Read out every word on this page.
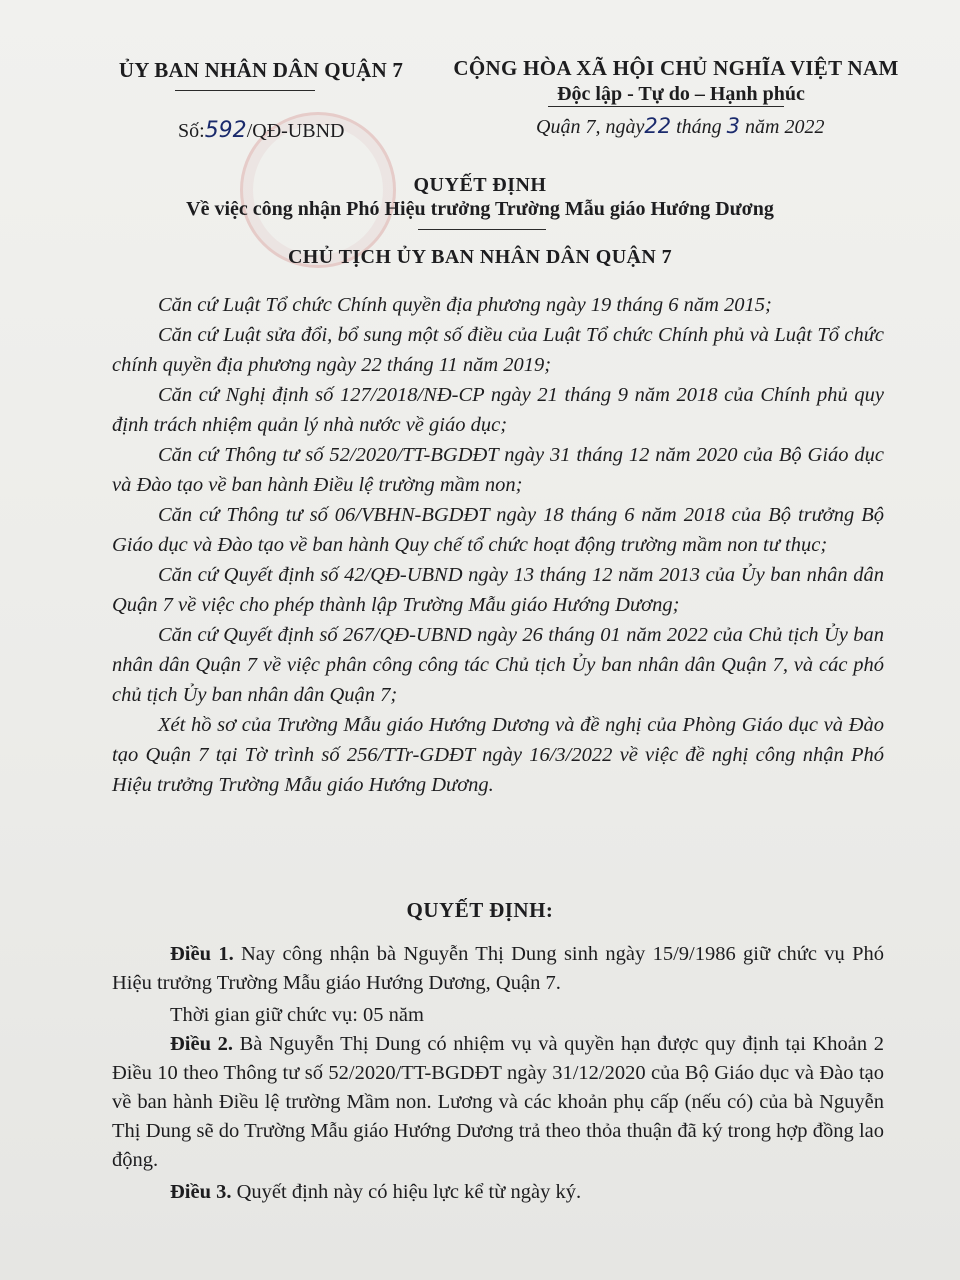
ỦY BAN NHÂN DÂN QUẬN 7	CỘNG HÒA XÃ HỘI CHỦ NGHĨA VIỆT NAM
Độc lập - Tự do – Hạnh phúc
Số:592/QĐ-UBND	Quận 7, ngày22 tháng 3 năm 2022
QUYẾT ĐỊNH
Về việc công nhận Phó Hiệu trưởng Trường Mẫu giáo Hướng Dương
CHỦ TỊCH ỦY BAN NHÂN DÂN QUẬN 7

Căn cứ Luật Tổ chức Chính quyền địa phương ngày 19 tháng 6 năm 2015;

Căn cứ Luật sửa đổi, bổ sung một số điều của Luật Tổ chức Chính phủ và Luật Tổ chức chính quyền địa phương ngày 22 tháng 11 năm 2019;

Căn cứ Nghị định số 127/2018/NĐ-CP ngày 21 tháng 9 năm 2018 của Chính phủ quy định trách nhiệm quản lý nhà nước về giáo dục;

Căn cứ Thông tư số 52/2020/TT-BGDĐT ngày 31 tháng 12 năm 2020 của Bộ Giáo dục và Đào tạo về ban hành Điều lệ trường mầm non;

Căn cứ Thông tư số 06/VBHN-BGDĐT ngày 18 tháng 6 năm 2018 của Bộ trưởng Bộ Giáo dục và Đào tạo về ban hành Quy chế tổ chức hoạt động trường mầm non tư thục;

Căn cứ Quyết định số 42/QĐ-UBND ngày 13 tháng 12 năm 2013 của Ủy ban nhân dân Quận 7 về việc cho phép thành lập Trường Mẫu giáo Hướng Dương;

Căn cứ Quyết định số 267/QĐ-UBND ngày 26 tháng 01 năm 2022 của Chủ tịch Ủy ban nhân dân Quận 7 về việc phân công công tác Chủ tịch Ủy ban nhân dân Quận 7, và các phó chủ tịch Ủy ban nhân dân Quận 7;

Xét hồ sơ của Trường Mẫu giáo Hướng Dương và đề nghị của Phòng Giáo dục và Đào tạo Quận 7 tại Tờ trình số 256/TTr-GDĐT ngày 16/3/2022 về việc đề nghị công nhận Phó Hiệu trưởng Trường Mẫu giáo Hướng Dương.

QUYẾT ĐỊNH:

Điều 1. Nay công nhận bà Nguyễn Thị Dung sinh ngày 15/9/1986 giữ chức vụ Phó Hiệu trưởng Trường Mẫu giáo Hướng Dương, Quận 7.

Thời gian giữ chức vụ: 05 năm

Điều 2. Bà Nguyễn Thị Dung có nhiệm vụ và quyền hạn được quy định tại Khoản 2 Điều 10 theo Thông tư số 52/2020/TT-BGDĐT ngày 31/12/2020 của Bộ Giáo dục và Đào tạo về ban hành Điều lệ trường Mầm non. Lương và các khoản phụ cấp (nếu có) của bà Nguyễn Thị Dung sẽ do Trường Mẫu giáo Hướng Dương trả theo thỏa thuận đã ký trong hợp đồng lao động.

Điều 3. Quyết định này có hiệu lực kể từ ngày ký.
